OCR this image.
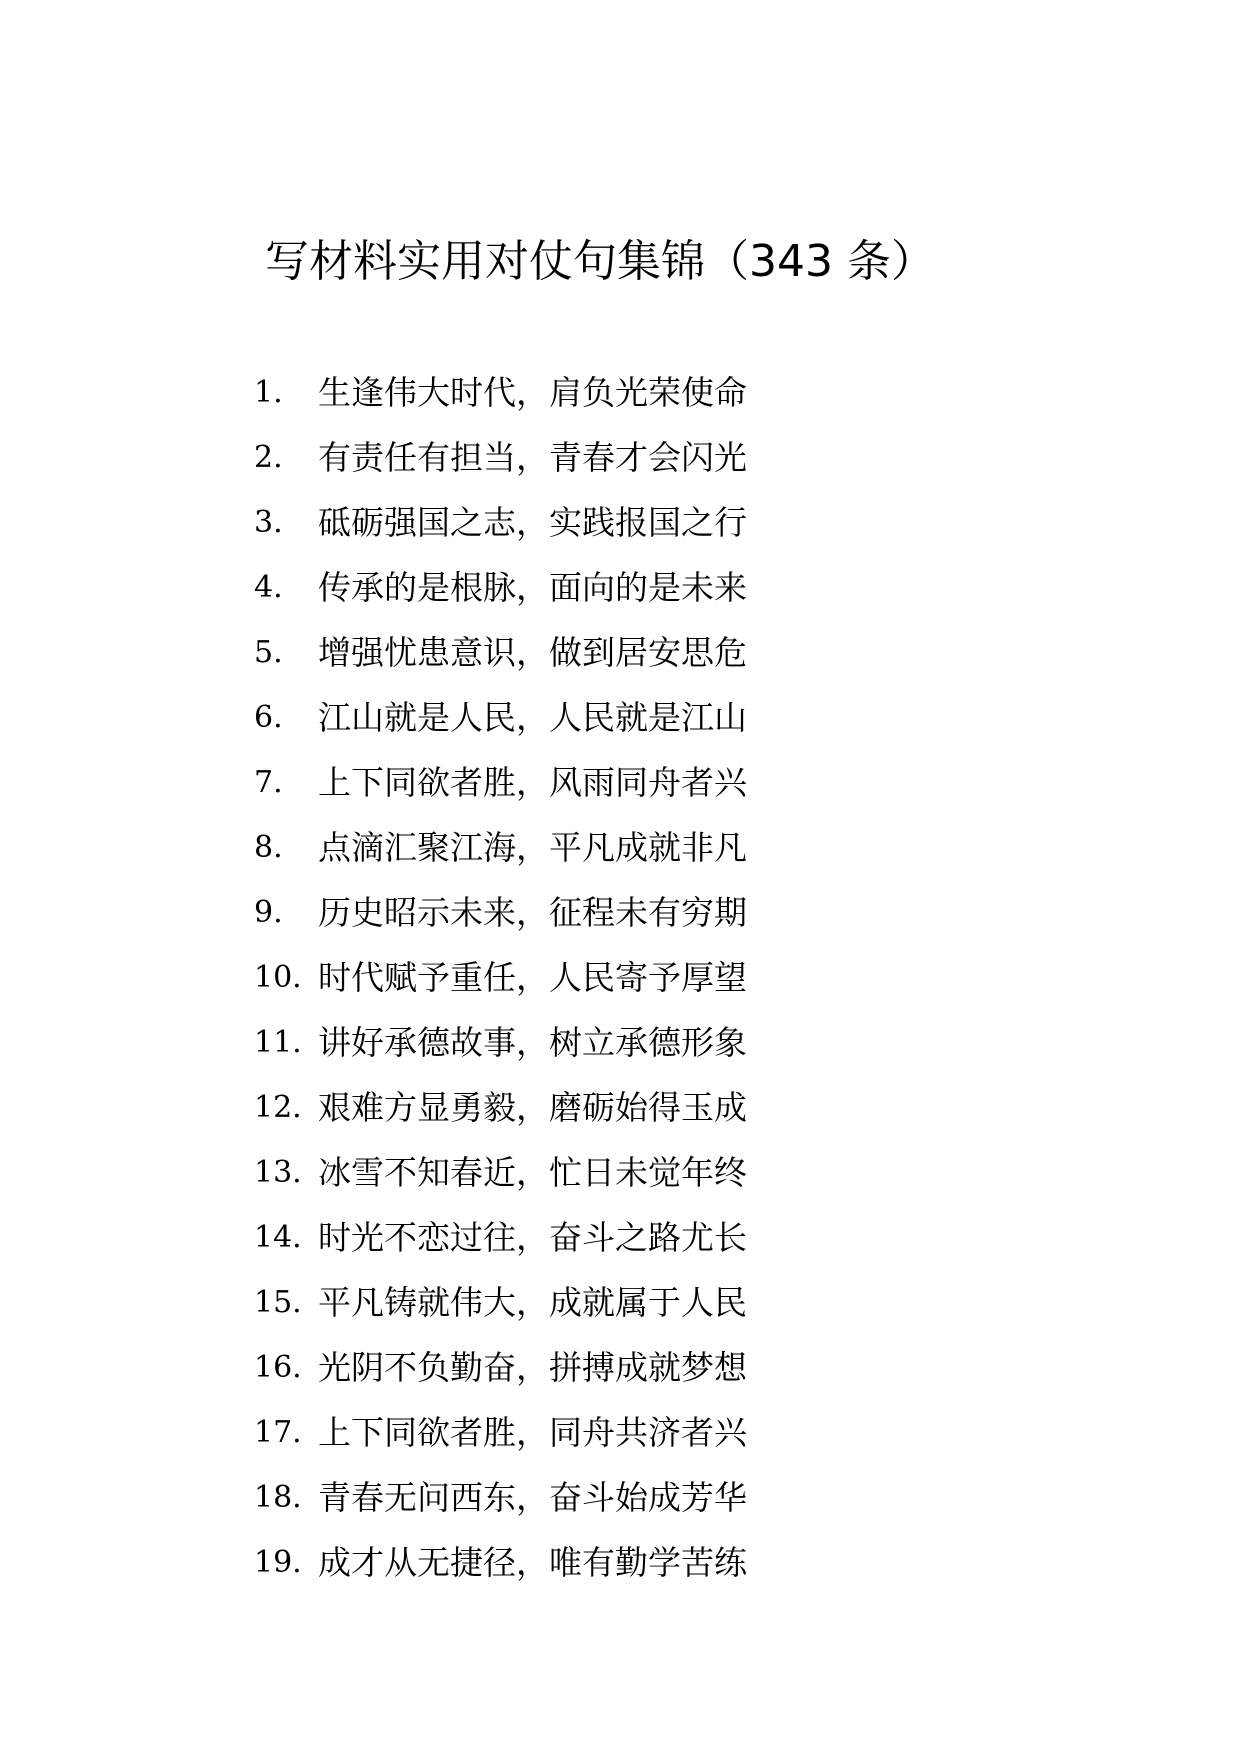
写材料实用对仗句集锦（343 条）
1. 生逢伟大时代，肩负光荣使命
2. 有责任有担当，青春才会闪光
3. 砥砺强国之志，实践报国之行
4. 传承的是根脉，面向的是未来
5. 增强忧患意识，做到居安思危
6. 江山就是人民，人民就是江山
7. 上下同欲者胜，风雨同舟者兴
8. 点滴汇聚江海，平凡成就非凡
9. 历史昭示未来，征程未有穷期
10. 时代赋予重任，人民寄予厚望
11. 讲好承德故事，树立承德形象
12. 艰难方显勇毅，磨砺始得玉成
13. 冰雪不知春近，忙日未觉年终
14. 时光不恋过往，奋斗之路尤长
15. 平凡铸就伟大，成就属于人民
16. 光阴不负勤奋，拼搏成就梦想
17. 上下同欲者胜，同舟共济者兴
18. 青春无问西东，奋斗始成芳华
19. 成才从无捷径，唯有勤学苦练
